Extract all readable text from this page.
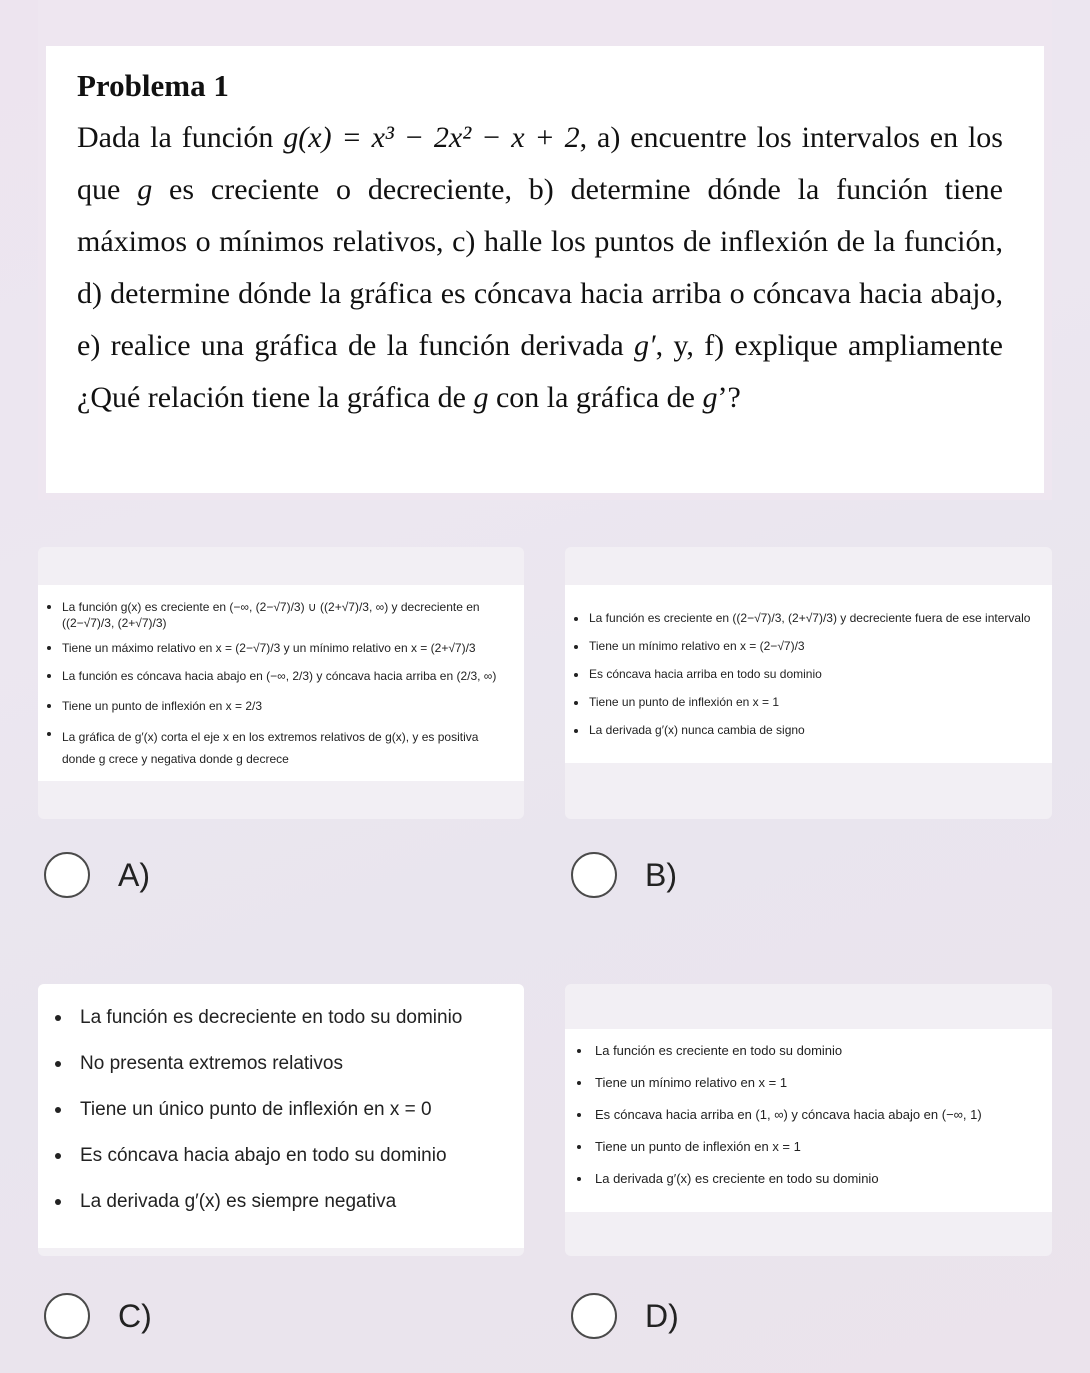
Problema 1
Dada la función g(x) = x³ − 2x² − x + 2, a) encuentre los intervalos en los que g es creciente o decreciente, b) determine dónde la función tiene máximos o mínimos relativos, c) halle los puntos de inflexión de la función, d) determine dónde la gráfica es cóncava hacia arriba o cóncava hacia abajo, e) realice una gráfica de la función derivada g′, y, f) explique ampliamente ¿Qué relación tiene la gráfica de g con la gráfica de g’?
La función g(x) es creciente en (−∞, (2−√7)/3) ∪ ((2+√7)/3, ∞) y decreciente en ((2−√7)/3, (2+√7)/3)
Tiene un máximo relativo en x = (2−√7)/3 y un mínimo relativo en x = (2+√7)/3
La función es cóncava hacia abajo en (−∞, 2/3) y cóncava hacia arriba en (2/3, ∞)
Tiene un punto de inflexión en x = 2/3
La gráfica de g′(x) corta el eje x en los extremos relativos de g(x), y es positiva donde g crece y negativa donde g decrece
La función es creciente en ((2−√7)/3, (2+√7)/3) y decreciente fuera de ese intervalo
Tiene un mínimo relativo en x = (2−√7)/3
Es cóncava hacia arriba en todo su dominio
Tiene un punto de inflexión en x = 1
La derivada g′(x) nunca cambia de signo
A)	B)
La función es decreciente en todo su dominio
No presenta extremos relativos
Tiene un único punto de inflexión en x = 0
Es cóncava hacia abajo en todo su dominio
La derivada g′(x) es siempre negativa
La función es creciente en todo su dominio
Tiene un mínimo relativo en x = 1
Es cóncava hacia arriba en (1, ∞) y cóncava hacia abajo en (−∞, 1)
Tiene un punto de inflexión en x = 1
La derivada g′(x) es creciente en todo su dominio
C)	D)
